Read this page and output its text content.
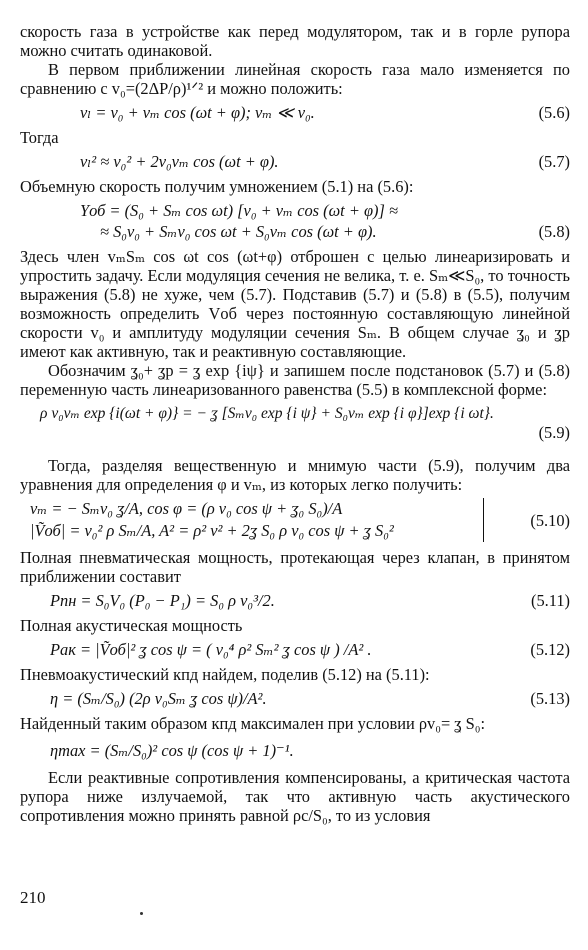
скорость газа в устройстве как перед модулятором, так и в горле рупора можно считать одинаковой.

В первом приближении линейная скорость газа мало изменяется по сравнению с v₀=(2ΔP/ρ)¹ᐟ² и можно положить:

vₗ = v₀ + vₘ cos (ωt + φ); vₘ ≪ v₀.	(5.6)

Тогда

vₗ² ≈ v₀² + 2v₀vₘ cos (ωt + φ).	(5.7)

Объемную скорость получим умножением (5.1) на (5.6):

Yоб = (S₀ + Sₘ cos ωt) [v₀ + vₘ cos (ωt + φ)] ≈
≈ S₀v₀ + Sₘv₀ cos ωt + S₀vₘ cos (ωt + φ).	(5.8)

Здесь член vₘSₘ cos ωt cos (ωt+φ) отброшен с целью линеаризировать и упростить задачу. Если модуляция сечения не велика, т. е. Sₘ≪S₀, то точность выражения (5.8) не хуже, чем (5.7). Подставив (5.7) и (5.8) в (5.5), получим возможность определить Vоб через постоянную составляющую линейной скорости v₀ и амплитуду модуляции сечения Sₘ. В общем случае ʓ₀ и ʓр имеют как активную, так и реактивную составляющие.

Обозначим ʓ₀+ ʓр = ʓ exp {iψ} и запишем после подстановок (5.7) и (5.8) переменную часть линеаризованного равенства (5.5) в комплексной форме:

ρ v₀vₘ exp {i(ωt + φ)} = − ʓ [Sₘv₀ exp {i ψ} + S₀vₘ exp {i φ}]exp {i ωt}.
(5.9)

Тогда, разделяя вещественную и мнимую части (5.9), получим два уравнения для определения φ и vₘ, из которых легко получить:

vₘ = − Sₘv₀ ʓ/A, cos φ = (ρ v₀ cos ψ + ʓ₀ S₀)/A
|Ṽоб| = v₀² ρ Sₘ/A, A² = ρ² v² + 2ʓ S₀ ρ v₀ cos ψ + ʓ S₀²
(5.10)

Полная пневматическая мощность, протекающая через клапан, в принятом приближении составит

Pпн = S₀V₀ (P₀ − P₁) = S₀ ρ v₀³/2.	(5.11)

Полная акустическая мощность

Pак = |Ṽоб|² ʓ cos ψ = ( v₀⁴ ρ² Sₘ² ʓ cos ψ ) /A² .	(5.12)

Пневмоакустический кпд найдем, поделив (5.12) на (5.11):

η = (Sₘ/S₀) (2ρ v₀Sₘ ʓ cos ψ)/A².	(5.13)

Найденный таким образом кпд максимален при условии ρv₀= ʓ S₀:

ηmax = (Sₘ/S₀)² cos ψ (cos ψ + 1)⁻¹.

Если реактивные сопротивления компенсированы, а критическая частота рупора ниже излучаемой, так что активную часть акустического сопротивления можно принять равной ρc/S₀, то из условия

210
